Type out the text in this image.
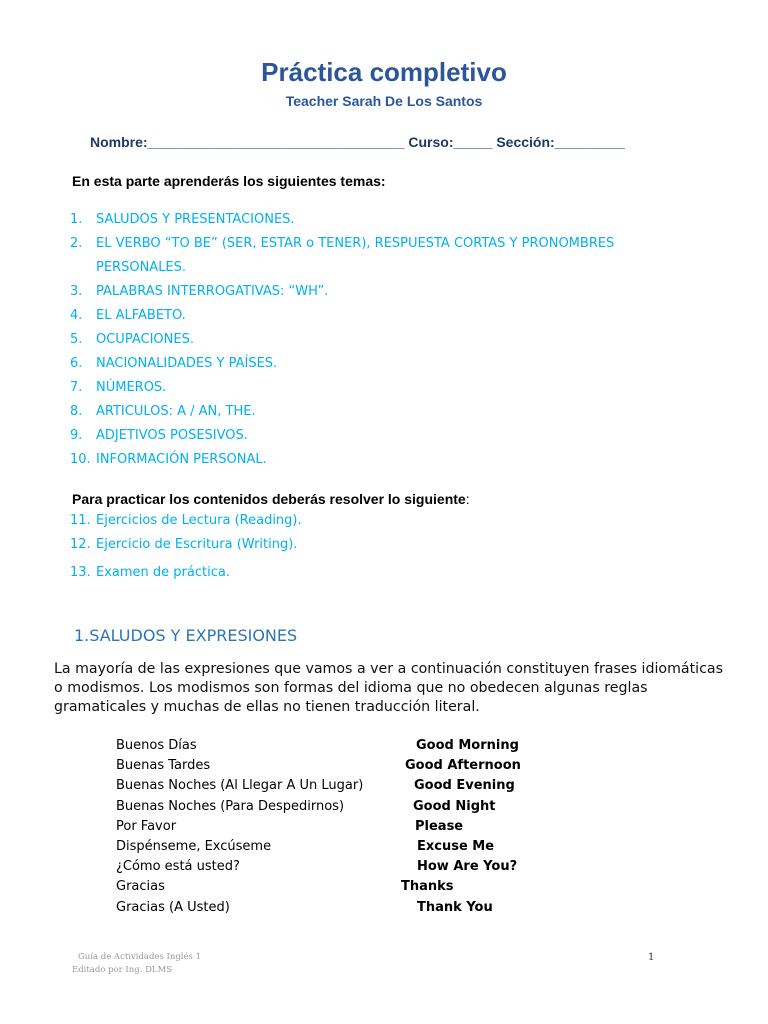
Práctica completivo
Teacher Sarah De Los Santos
Nombre:_________________________________ Curso:_____ Sección:_________
En esta parte aprenderás los siguientes temas:
1. SALUDOS Y PRESENTACIONES.
2. EL VERBO “TO BE” (SER, ESTAR o TENER), RESPUESTA CORTAS Y PRONOMBRES PERSONALES.
3. PALABRAS INTERROGATIVAS: “WH”.
4. EL ALFABETO.
5. OCUPACIONES.
6. NACIONALIDADES Y PAÍSES.
7. NÚMEROS.
8. ARTICULOS: A / AN, THE.
9. ADJETIVOS POSESIVOS.
10. INFORMACIÓN PERSONAL.
Para practicar los contenidos deberás resolver lo siguiente:
11. Ejercicios de Lectura (Reading).
12. Ejercicio de Escritura (Writing).
13. Examen de práctica.
1.SALUDOS Y EXPRESIONES
La mayoría de las expresiones que vamos a ver a continuación constituyen frases idiomáticas o modismos. Los modismos son formas del idioma que no obedecen algunas reglas gramaticales y muchas de ellas no tienen traducción literal.
Buenos Días	Good Morning
Buenas Tardes	Good Afternoon
Buenas Noches (Al Llegar A Un Lugar)	Good Evening
Buenas Noches (Para Despedirnos)	Good Night
Por Favor	Please
Dispénseme, Excúseme	Excuse Me
¿Cómo está usted?	How Are You?
Gracias	Thanks
Gracias (A Usted)	Thank You
Guía de Actividades Inglés 1
Editado por Ing. DLMS
1
